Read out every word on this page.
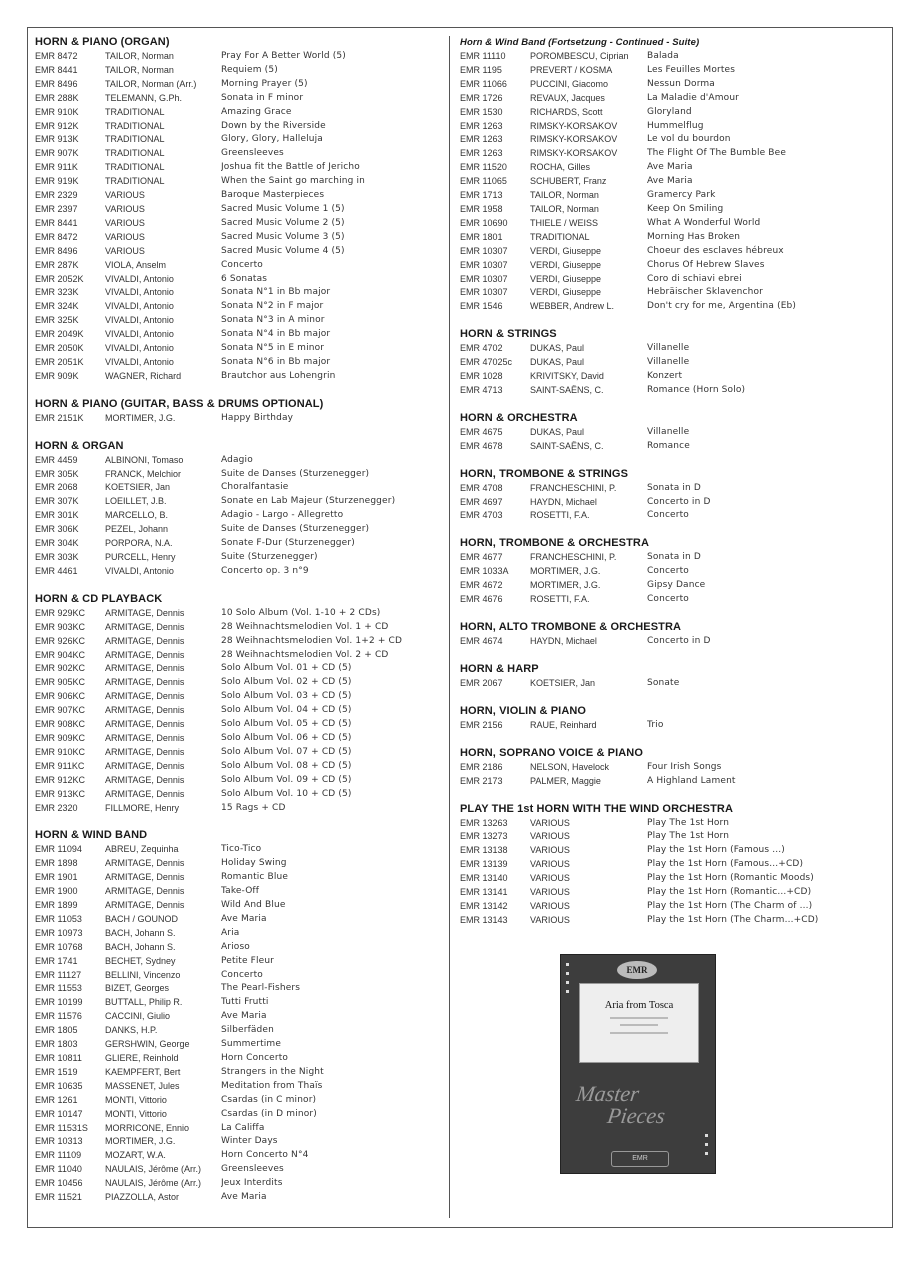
HORN & PIANO (ORGAN)
EMR 8472	TAILOR, Norman	Pray For A Better World (5)
EMR 8441	TAILOR, Norman	Requiem (5)
EMR 8496	TAILOR, Norman (Arr.)	Morning Prayer (5)
EMR 288K	TELEMANN, G.Ph.	Sonata in F minor
EMR 910K	TRADITIONAL	Amazing Grace
EMR 912K	TRADITIONAL	Down by the Riverside
EMR 913K	TRADITIONAL	Glory, Glory, Halleluja
EMR 907K	TRADITIONAL	Greensleeves
EMR 911K	TRADITIONAL	Joshua fit the Battle of Jericho
EMR 919K	TRADITIONAL	When the Saint go marching in
EMR 2329	VARIOUS	Baroque Masterpieces
EMR 2397	VARIOUS	Sacred Music Volume 1 (5)
EMR 8441	VARIOUS	Sacred Music Volume 2 (5)
EMR 8472	VARIOUS	Sacred Music Volume 3 (5)
EMR 8496	VARIOUS	Sacred Music Volume 4 (5)
EMR 287K	VIOLA, Anselm	Concerto
EMR 2052K	VIVALDI, Antonio	6 Sonatas
EMR 323K	VIVALDI, Antonio	Sonata N°1 in Bb major
EMR 324K	VIVALDI, Antonio	Sonata N°2 in F major
EMR 325K	VIVALDI, Antonio	Sonata N°3 in A minor
EMR 2049K	VIVALDI, Antonio	Sonata N°4 in Bb major
EMR 2050K	VIVALDI, Antonio	Sonata N°5 in E minor
EMR 2051K	VIVALDI, Antonio	Sonata N°6 in Bb major
EMR 909K	WAGNER, Richard	Brautchor aus Lohengrin
HORN & PIANO (GUITAR, BASS & DRUMS OPTIONAL)
EMR 2151K	MORTIMER, J.G.	Happy Birthday
HORN & ORGAN
EMR 4459	ALBINONI, Tomaso	Adagio
EMR 305K	FRANCK, Melchior	Suite de Danses (Sturzenegger)
EMR 2068	KOETSIER, Jan	Choralfantasie
EMR 307K	LOEILLET, J.B.	Sonate en Lab Majeur (Sturzenegger)
EMR 301K	MARCELLO, B.	Adagio - Largo - Allegretto
EMR 306K	PEZEL, Johann	Suite de Danses (Sturzenegger)
EMR 304K	PORPORA, N.A.	Sonate F-Dur (Sturzenegger)
EMR 303K	PURCELL, Henry	Suite (Sturzenegger)
EMR 4461	VIVALDI, Antonio	Concerto op. 3 n°9
HORN & CD PLAYBACK
EMR 929KC	ARMITAGE, Dennis	10 Solo Album (Vol. 1-10 + 2 CDs)
EMR 903KC	ARMITAGE, Dennis	28 Weihnachtsmelodien Vol. 1 + CD
EMR 926KC	ARMITAGE, Dennis	28 Weihnachtsmelodien Vol. 1+2 + CD
EMR 904KC	ARMITAGE, Dennis	28 Weihnachtsmelodien Vol. 2 + CD
EMR 902KC	ARMITAGE, Dennis	Solo Album Vol. 01 + CD (5)
EMR 905KC	ARMITAGE, Dennis	Solo Album Vol. 02 + CD (5)
EMR 906KC	ARMITAGE, Dennis	Solo Album Vol. 03 + CD (5)
EMR 907KC	ARMITAGE, Dennis	Solo Album Vol. 04 + CD (5)
EMR 908KC	ARMITAGE, Dennis	Solo Album Vol. 05 + CD (5)
EMR 909KC	ARMITAGE, Dennis	Solo Album Vol. 06 + CD (5)
EMR 910KC	ARMITAGE, Dennis	Solo Album Vol. 07 + CD (5)
EMR 911KC	ARMITAGE, Dennis	Solo Album Vol. 08 + CD (5)
EMR 912KC	ARMITAGE, Dennis	Solo Album Vol. 09 + CD (5)
EMR 913KC	ARMITAGE, Dennis	Solo Album Vol. 10 + CD (5)
EMR 2320	FILLMORE, Henry	15 Rags + CD
HORN & WIND BAND
EMR 11094	ABREU, Zequinha	Tico-Tico
EMR 1898	ARMITAGE, Dennis	Holiday Swing
EMR 1901	ARMITAGE, Dennis	Romantic Blue
EMR 1900	ARMITAGE, Dennis	Take-Off
EMR 1899	ARMITAGE, Dennis	Wild And Blue
EMR 11053	BACH / GOUNOD	Ave Maria
EMR 10973	BACH, Johann S.	Aria
EMR 10768	BACH, Johann S.	Arioso
EMR 1741	BECHET, Sydney	Petite Fleur
EMR 11127	BELLINI, Vincenzo	Concerto
EMR 11553	BIZET, Georges	The Pearl-Fishers
EMR 10199	BUTTALL, Philip R.	Tutti Frutti
EMR 11576	CACCINI, Giulio	Ave Maria
EMR 1805	DANKS, H.P.	Silberfäden
EMR 1803	GERSHWIN, George	Summertime
EMR 10811	GLIERE, Reinhold	Horn Concerto
EMR 1519	KAEMPFERT, Bert	Strangers in the Night
EMR 10635	MASSENET, Jules	Meditation from Thaïs
EMR 1261	MONTI, Vittorio	Csardas (in C minor)
EMR 10147	MONTI, Vittorio	Csardas (in D minor)
EMR 11531S	MORRICONE, Ennio	La Califfa
EMR 10313	MORTIMER, J.G.	Winter Days
EMR 11109	MOZART, W.A.	Horn Concerto N°4
EMR 11040	NAULAIS, Jérôme (Arr.)	Greensleeves
EMR 10456	NAULAIS, Jérôme (Arr.)	Jeux Interdits
EMR 11521	PIAZZOLLA, Astor	Ave Maria
Horn & Wind Band (Fortsetzung - Continued - Suite)
EMR 11110	POROMBESCU, Ciprian	Balada
EMR 1195	PREVERT / KOSMA	Les Feuilles Mortes
EMR 11066	PUCCINI, Giacomo	Nessun Dorma
EMR 1726	REVAUX, Jacques	La Maladie d'Amour
EMR 1530	RICHARDS, Scott	Gloryland
EMR 1263	RIMSKY-KORSAKOV	Hummelflug
EMR 1263	RIMSKY-KORSAKOV	Le vol du bourdon
EMR 1263	RIMSKY-KORSAKOV	The Flight Of The Bumble Bee
EMR 11520	ROCHA, Gilles	Ave Maria
EMR 11065	SCHUBERT, Franz	Ave Maria
EMR 1713	TAILOR, Norman	Gramercy Park
EMR 1958	TAILOR, Norman	Keep On Smiling
EMR 10690	THIELE / WEISS	What A Wonderful World
EMR 1801	TRADITIONAL	Morning Has Broken
EMR 10307	VERDI, Giuseppe	Choeur des esclaves hébreux
EMR 10307	VERDI, Giuseppe	Chorus Of Hebrew Slaves
EMR 10307	VERDI, Giuseppe	Coro di schiavi ebrei
EMR 10307	VERDI, Giuseppe	Hebräischer Sklavenchor
EMR 1546	WEBBER, Andrew L.	Don't cry for me, Argentina (Eb)
HORN & STRINGS
EMR 4702	DUKAS, Paul	Villanelle
EMR 47025c	DUKAS, Paul	Villanelle
EMR 1028	KRIVITSKY, David	Konzert
EMR 4713	SAINT-SAËNS, C.	Romance (Horn Solo)
HORN & ORCHESTRA
EMR 4675	DUKAS, Paul	Villanelle
EMR 4678	SAINT-SAËNS, C.	Romance
HORN, TROMBONE & STRINGS
EMR 4708	FRANCHESCHINI, P.	Sonata in D
EMR 4697	HAYDN, Michael	Concerto in D
EMR 4703	ROSETTI, F.A.	Concerto
HORN, TROMBONE & ORCHESTRA
EMR 4677	FRANCHESCHINI, P.	Sonata in D
EMR 1033A	MORTIMER, J.G.	Concerto
EMR 4672	MORTIMER, J.G.	Gipsy Dance
EMR 4676	ROSETTI, F.A.	Concerto
HORN, ALTO TROMBONE & ORCHESTRA
EMR 4674	HAYDN, Michael	Concerto in D
HORN & HARP
EMR 2067	KOETSIER, Jan	Sonate
HORN, VIOLIN & PIANO
EMR 2156	RAUE, Reinhard	Trio
HORN, SOPRANO VOICE & PIANO
EMR 2186	NELSON, Havelock	Four Irish Songs
EMR 2173	PALMER, Maggie	A Highland Lament
PLAY THE 1st HORN WITH THE WIND ORCHESTRA
EMR 13263	VARIOUS	Play The 1st Horn
EMR 13273	VARIOUS	Play The 1st Horn
EMR 13138	VARIOUS	Play the 1st Horn (Famous ...)
EMR 13139	VARIOUS	Play the 1st Horn (Famous...+CD)
EMR 13140	VARIOUS	Play the 1st Horn (Romantic Moods)
EMR 13141	VARIOUS	Play the 1st Horn (Romantic...+CD)
EMR 13142	VARIOUS	Play the 1st Horn (The Charm of ...)
EMR 13143	VARIOUS	Play the 1st Horn (The Charm...+CD)
EMR
Aria from Tosca
Master
Pieces
EMR
